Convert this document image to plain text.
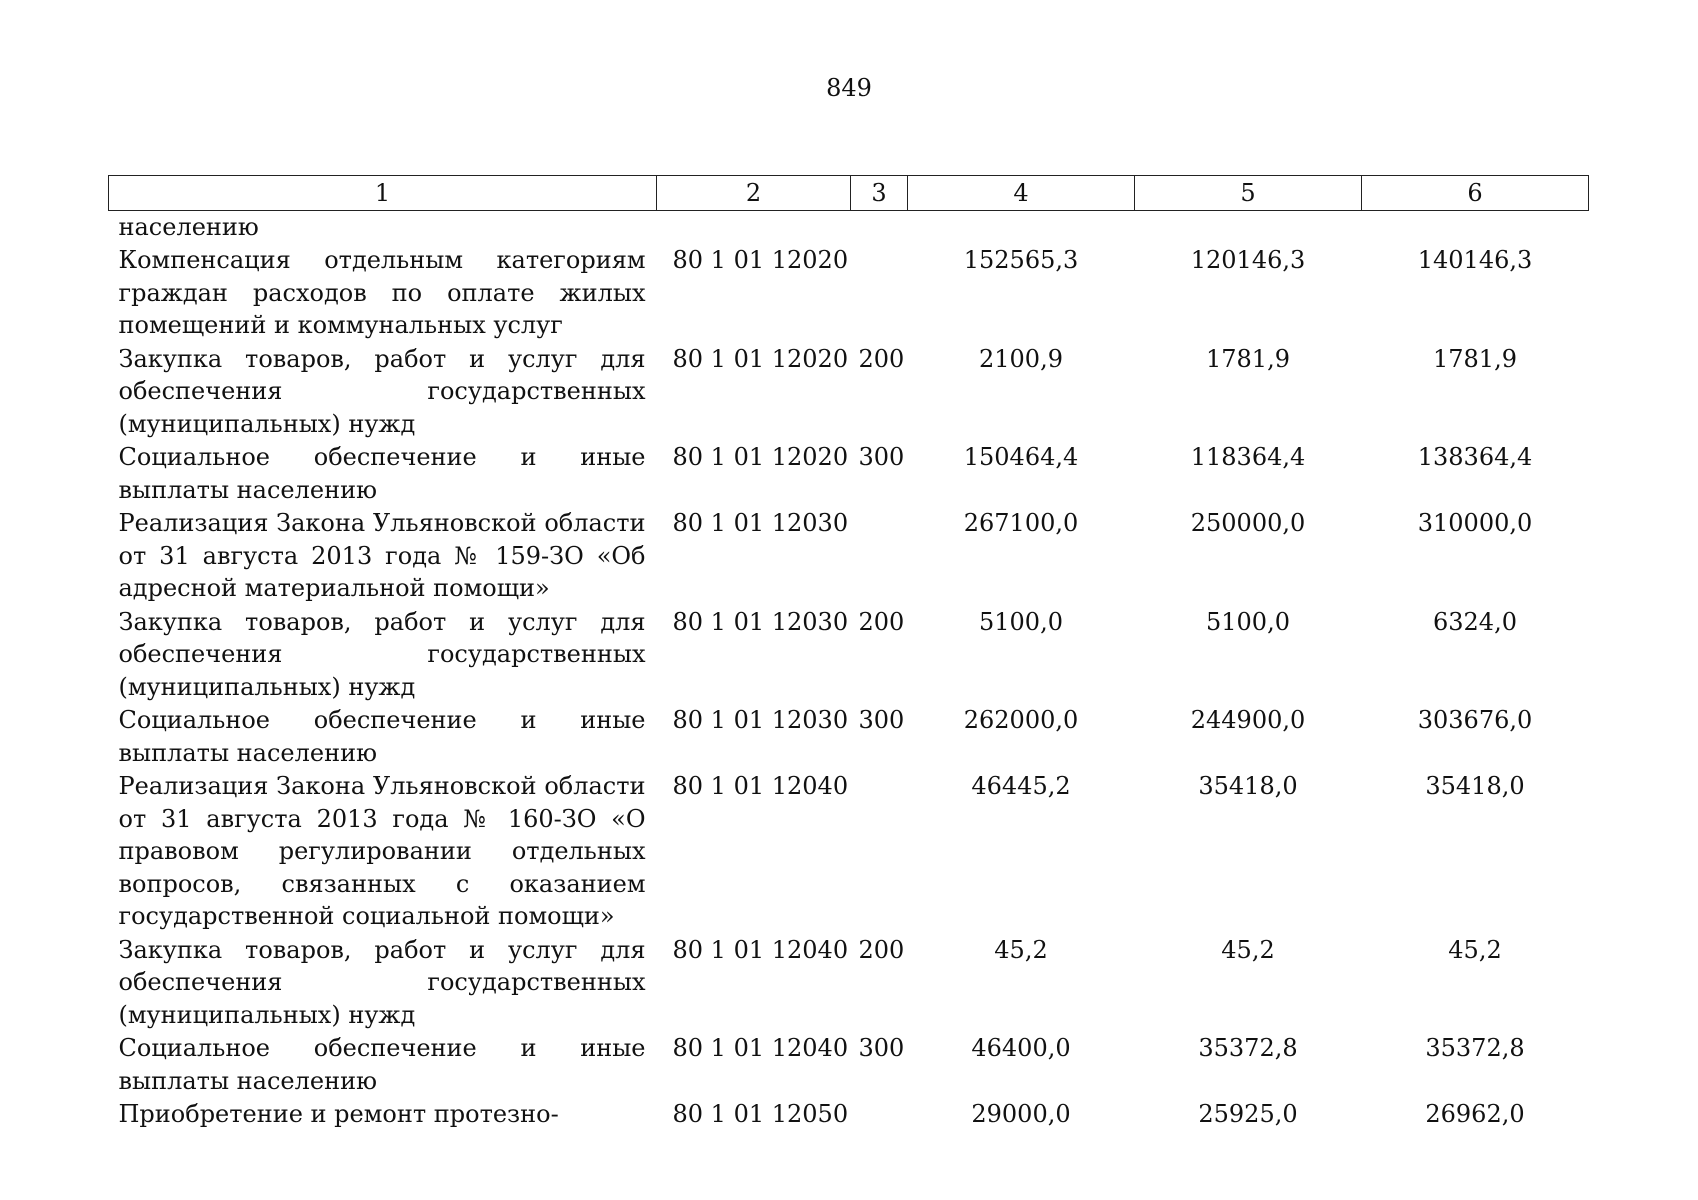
849
1	2	3	4	5	6
населению					
Компенсация отдельным категориям граждан расходов по оплате жилых помещений и коммунальных услуг	80 1 01 12020		152565,3	120146,3	140146,3
Закупка товаров, работ и услуг для обеспечения государственных (муниципальных) нужд	80 1 01 12020	200	2100,9	1781,9	1781,9
Социальное обеспечение и иные выплаты населению	80 1 01 12020	300	150464,4	118364,4	138364,4
Реализация Закона Ульяновской области от 31 августа 2013 года № 159-ЗО «Об адресной материальной помощи»	80 1 01 12030		267100,0	250000,0	310000,0
Закупка товаров, работ и услуг для обеспечения государственных (муниципальных) нужд	80 1 01 12030	200	5100,0	5100,0	6324,0
Социальное обеспечение и иные выплаты населению	80 1 01 12030	300	262000,0	244900,0	303676,0
Реализация Закона Ульяновской области от 31 августа 2013 года № 160-ЗО «О правовом регулировании отдельных вопросов, связанных с оказанием государственной социальной помощи»	80 1 01 12040		46445,2	35418,0	35418,0
Закупка товаров, работ и услуг для обеспечения государственных (муниципальных) нужд	80 1 01 12040	200	45,2	45,2	45,2
Социальное обеспечение и иные выплаты населению	80 1 01 12040	300	46400,0	35372,8	35372,8
Приобретение и ремонт протезно-	80 1 01 12050		29000,0	25925,0	26962,0
